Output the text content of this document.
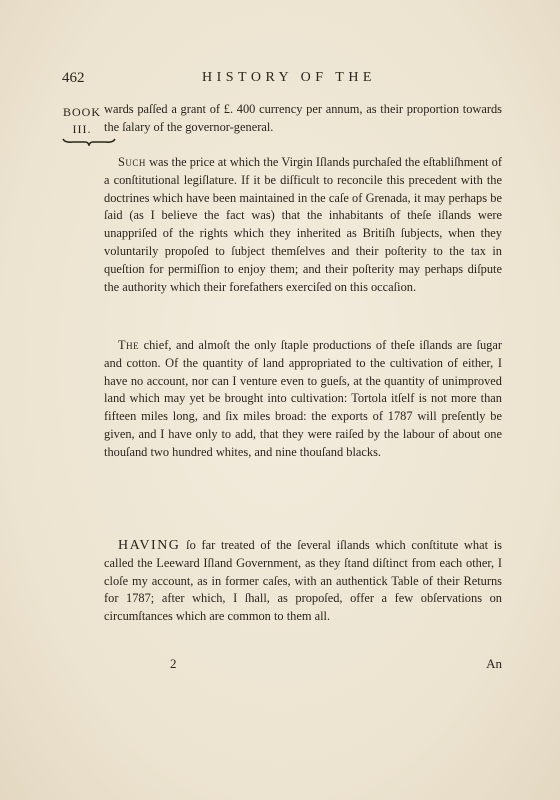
462	HISTORY OF THE
BOOK
III.

wards paſſed a grant of £. 400 currency per annum, as their proportion towards the ſalary of the governor-general.

Such was the price at which the Virgin Iſlands purchaſed the eſtabliſhment of a conſtitutional legiſlature. If it be diſficult to reconcile this precedent with the doctrines which have been maintained in the caſe of Grenada, it may perhaps be ſaid (as I believe the fact was) that the inhabitants of theſe iſlands were unappriſed of the rights which they inherited as Britiſh ſubjects, when they voluntarily propoſed to ſubject themſelves and their poſterity to the tax in queſtion for permiſſion to enjoy them; and their poſterity may perhaps diſpute the authority which their forefathers exerciſed on this occaſion.

The chief, and almoſt the only ſtaple productions of theſe iſlands are ſugar and cotton. Of the quantity of land appropriated to the cultivation of either, I have no account, nor can I venture even to gueſs, at the quantity of unimproved land which may yet be brought into cultivation: Tortola itſelf is not more than fifteen miles long, and ſix miles broad: the exports of 1787 will preſently be given, and I have only to add, that they were raiſed by the labour of about one thouſand two hundred whites, and nine thouſand blacks.

HAVING ſo far treated of the ſeveral iſlands which conſtitute what is called the Leeward Iſland Government, as they ſtand diſtinct from each other, I cloſe my account, as in former caſes, with an authentick Table of their Returns for 1787; after which, I ſhall, as propoſed, offer a few obſervations on circumſtances which are common to them all.

2	An
